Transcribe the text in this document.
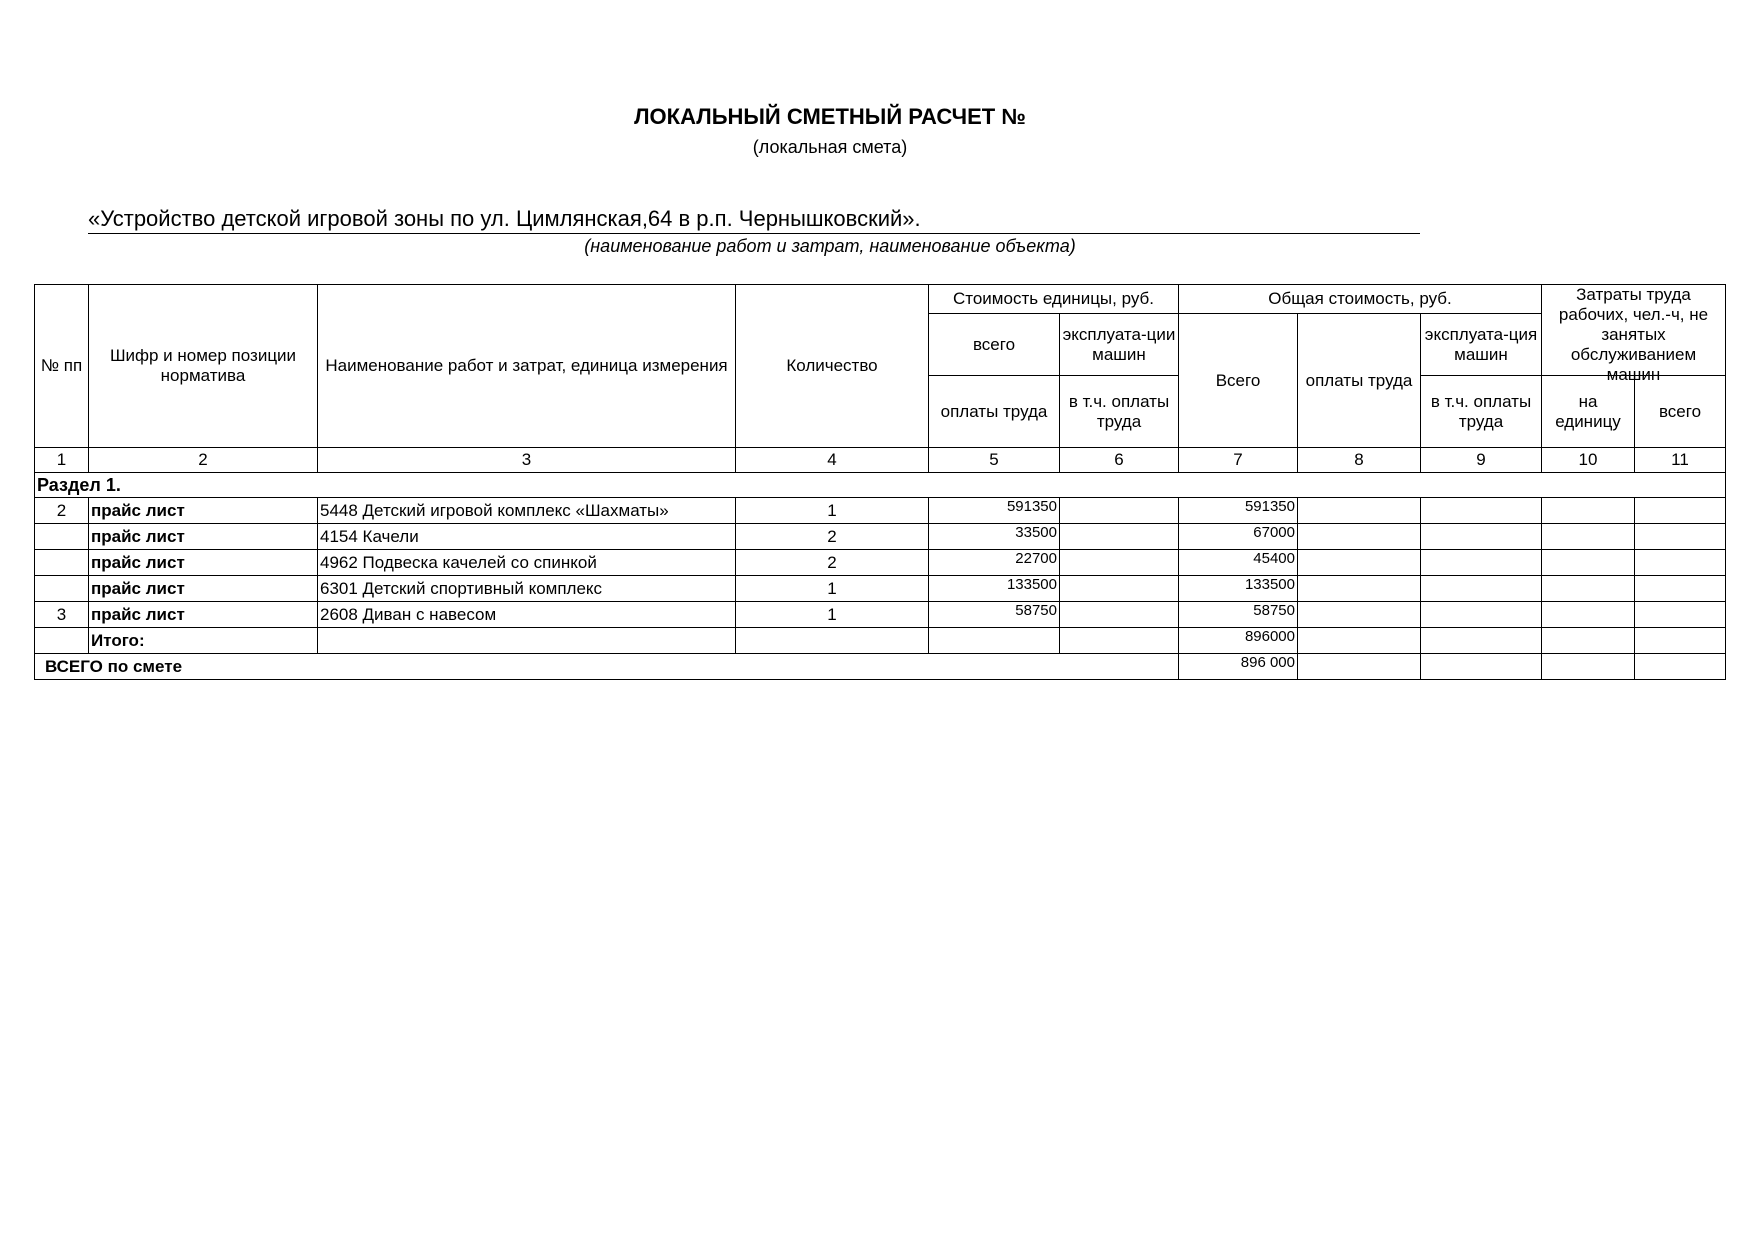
ЛОКАЛЬНЫЙ СМЕТНЫЙ РАСЧЕТ №
(локальная смета)
«Устройство детской игровой зоны по ул. Цимлянская,64 в р.п. Чернышковский».
(наименование работ и затрат, наименование объекта)
№ пп	Шифр и номер позиции норматива	Наименование работ и затрат, единица измерения	Количество	Стоимость единицы, руб.		Общая стоимость, руб.			Затраты труда рабочих, чел.-ч, не занятых обслуживанием машин	

				всего	эксплуата-ции машин	Всего	оплаты труда	эксплуата-ция машин		
				оплаты труда	в т.ч. оплаты труда			в т.ч. оплаты труда	на единицу	всего
1	2	3	4	5	6	7	8	9	10	11
Раздел 1.										
2	прайс лист	5448 Детский игровой комплекс «Шахматы»	1	591350		591350				
	прайс лист	4154 Качели	2	33500		67000				
	прайс лист	4962 Подвеска качелей со спинкой	2	22700		45400				
	прайс лист	6301 Детский спортивный комплекс	1	133500		133500				
3	прайс лист	2608 Диван с навесом	1	58750		58750				
	Итого:					896000				
ВСЕГО по смете						896 000				
